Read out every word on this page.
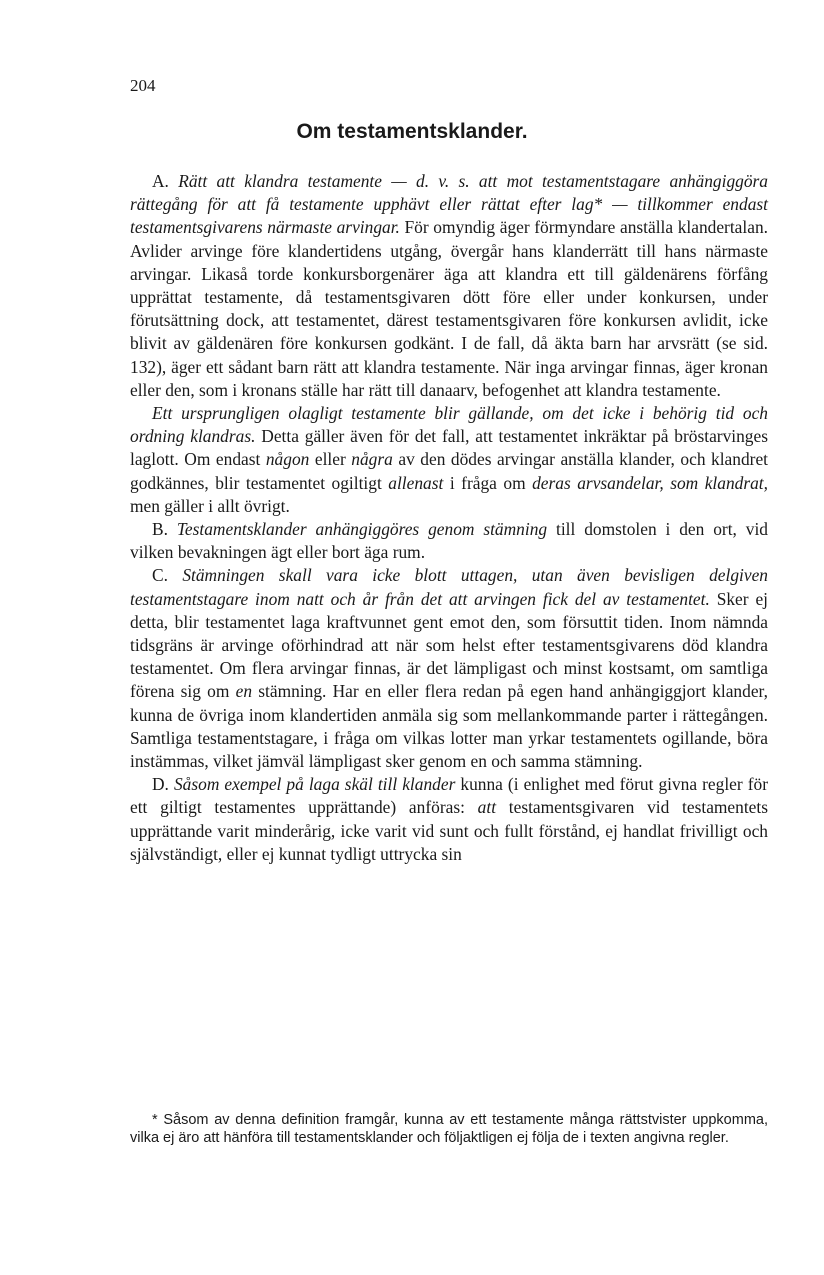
204
Om testamentsklander.

A. Rätt att klandra testamente — d. v. s. att mot testamentstagare anhängiggöra rättegång för att få testamente upphävt eller rättat efter lag* — tillkommer endast testamentsgivarens närmaste arvingar. För omyndig äger förmyndare anställa klandertalan. Avlider arvinge före klandertidens utgång, övergår hans klanderrätt till hans närmaste arvingar. Likaså torde konkursborgenärer äga att klandra ett till gäldenärens förfång upprättat testamente, då testamentsgivaren dött före eller under konkursen, under förutsättning dock, att testamentet, därest testamentsgivaren före konkursen avlidit, icke blivit av gäldenären före konkursen godkänt. I de fall, då äkta barn har arvsrätt (se sid. 132), äger ett sådant barn rätt att klandra testamente. När inga arvingar finnas, äger kronan eller den, som i kronans ställe har rätt till danaarv, befogenhet att klandra testamente.

Ett ursprungligen olagligt testamente blir gällande, om det icke i behörig tid och ordning klandras. Detta gäller även för det fall, att testamentet inkräktar på bröstarvinges laglott. Om endast någon eller några av den dödes arvingar anställa klander, och klandret godkännes, blir testamentet ogiltigt allenast i fråga om deras arvsandelar, som klandrat, men gäller i allt övrigt.

B. Testamentsklander anhängiggöres genom stämning till domstolen i den ort, vid vilken bevakningen ägt eller bort äga rum.

C. Stämningen skall vara icke blott uttagen, utan även bevisligen delgiven testamentstagare inom natt och år från det att arvingen fick del av testamentet. Sker ej detta, blir testamentet laga kraftvunnet gent emot den, som försuttit tiden. Inom nämnda tidsgräns är arvinge oförhindrad att när som helst efter testamentsgivarens död klandra testamentet. Om flera arvingar finnas, är det lämpligast och minst kostsamt, om samtliga förena sig om en stämning. Har en eller flera redan på egen hand anhängiggjort klander, kunna de övriga inom klandertiden anmäla sig som mellankommande parter i rättegången. Samtliga testamentstagare, i fråga om vilkas lotter man yrkar testamentets ogillande, böra instämmas, vilket jämväl lämpligast sker genom en och samma stämning.

D. Såsom exempel på laga skäl till klander kunna (i enlighet med förut givna regler för ett giltigt testamentes upprättande) anföras: att testamentsgivaren vid testamentets upprättande varit minderårig, icke varit vid sunt och fullt förstånd, ej handlat frivilligt och självständigt, eller ej kunnat tydligt uttrycka sin

* Såsom av denna definition framgår, kunna av ett testamente många rättstvister uppkomma, vilka ej äro att hänföra till testamentsklander och följaktligen ej följa de i texten angivna regler.
